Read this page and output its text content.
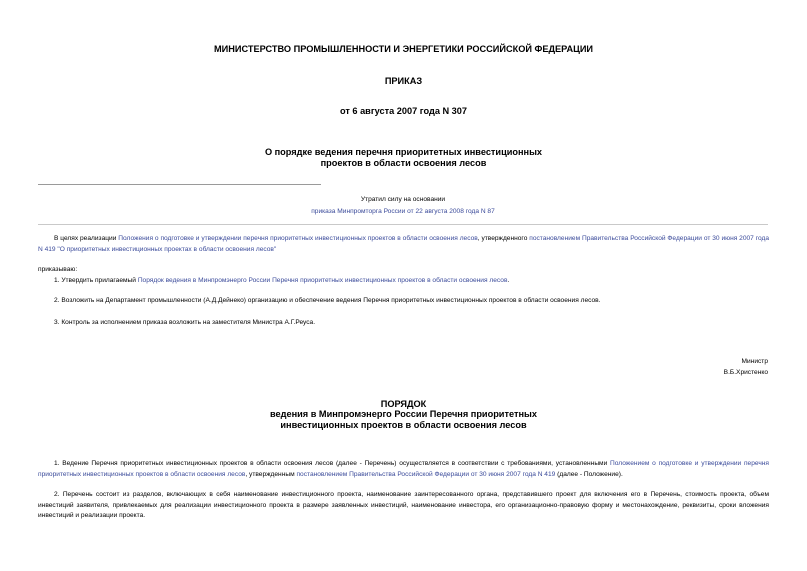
МИНИСТЕРСТВО ПРОМЫШЛЕННОСТИ И ЭНЕРГЕТИКИ РОССИЙСКОЙ ФЕДЕРАЦИИ
ПРИКАЗ
от 6 августа 2007 года N 307
О порядке ведения перечня приоритетных инвестиционных
проектов в области освоения лесов
Утратил силу на основании
приказа Минпромторга России от 22 августа 2008 года N 87
В целях реализации Положения о подготовке и утверждении перечня приоритетных инвестиционных проектов в области освоения лесов, утвержденного постановлением Правительства Российской Федерации от 30 июня 2007 года N 419 "О приоритетных инвестиционных проектах в области освоения лесов"
приказываю:
1. Утвердить прилагаемый Порядок ведения в Минпромэнерго России Перечня приоритетных инвестиционных проектов в области освоения лесов.
2. Возложить на Департамент промышленности (А.Д.Дейнеко) организацию и обеспечение ведения Перечня приоритетных инвестиционных проектов в области освоения лесов.
3. Контроль за исполнением приказа возложить на заместителя Министра А.Г.Реуса.
Министр
В.Б.Христенко
ПОРЯДОК
ведения в Минпромэнерго России Перечня приоритетных
инвестиционных проектов в области освоения лесов
1. Ведение Перечня приоритетных инвестиционных проектов в области освоения лесов (далее - Перечень) осуществляется в соответствии с требованиями, установленными Положением о подготовке и утверждении перечня приоритетных инвестиционных проектов в области освоения лесов, утвержденным постановлением Правительства Российской Федерации от 30 июня 2007 года N 419 (далее - Положение).
2. Перечень состоит из разделов, включающих в себя наименование инвестиционного проекта, наименование заинтересованного органа, представившего проект для включения его в Перечень, стоимость проекта, объем инвестиций заявителя, привлекаемых для реализации инвестиционного проекта в размере заявленных инвестиций, наименование инвестора, его организационно-правовую форму и местонахождение, реквизиты, сроки вложения инвестиций и реализации проекта.
